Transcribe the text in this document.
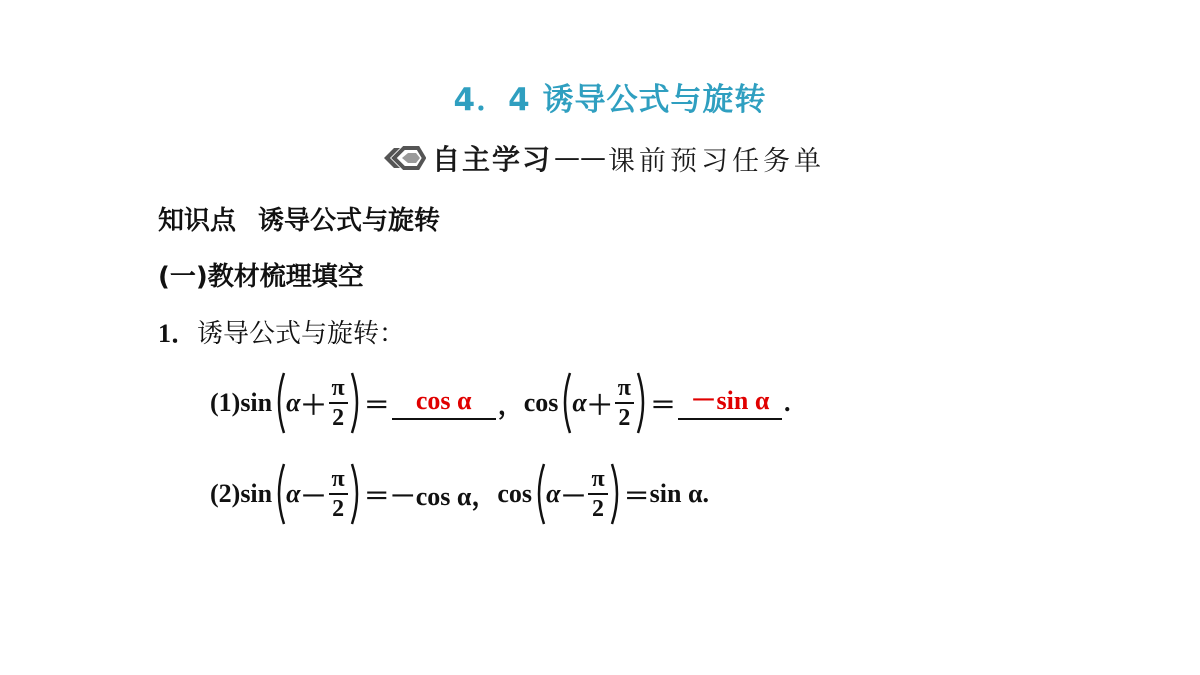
4．4 诱导公式与旋转
自主学习 —— 课前预习任务单
知识点 诱导公式与旋转
(一)教材梳理填空
1．诱导公式与旋转：
(1)sin $\alpha + \frac{\pi}{2}$ ＝	cos α	， $\cos \alpha + \frac{\pi}{2} = -\sin$ α .
(2)sin $\alpha - \frac{\pi}{2} = -\cos$ α ， $\cos \alpha - \frac{\pi}{2} = \sin \alpha$ .
